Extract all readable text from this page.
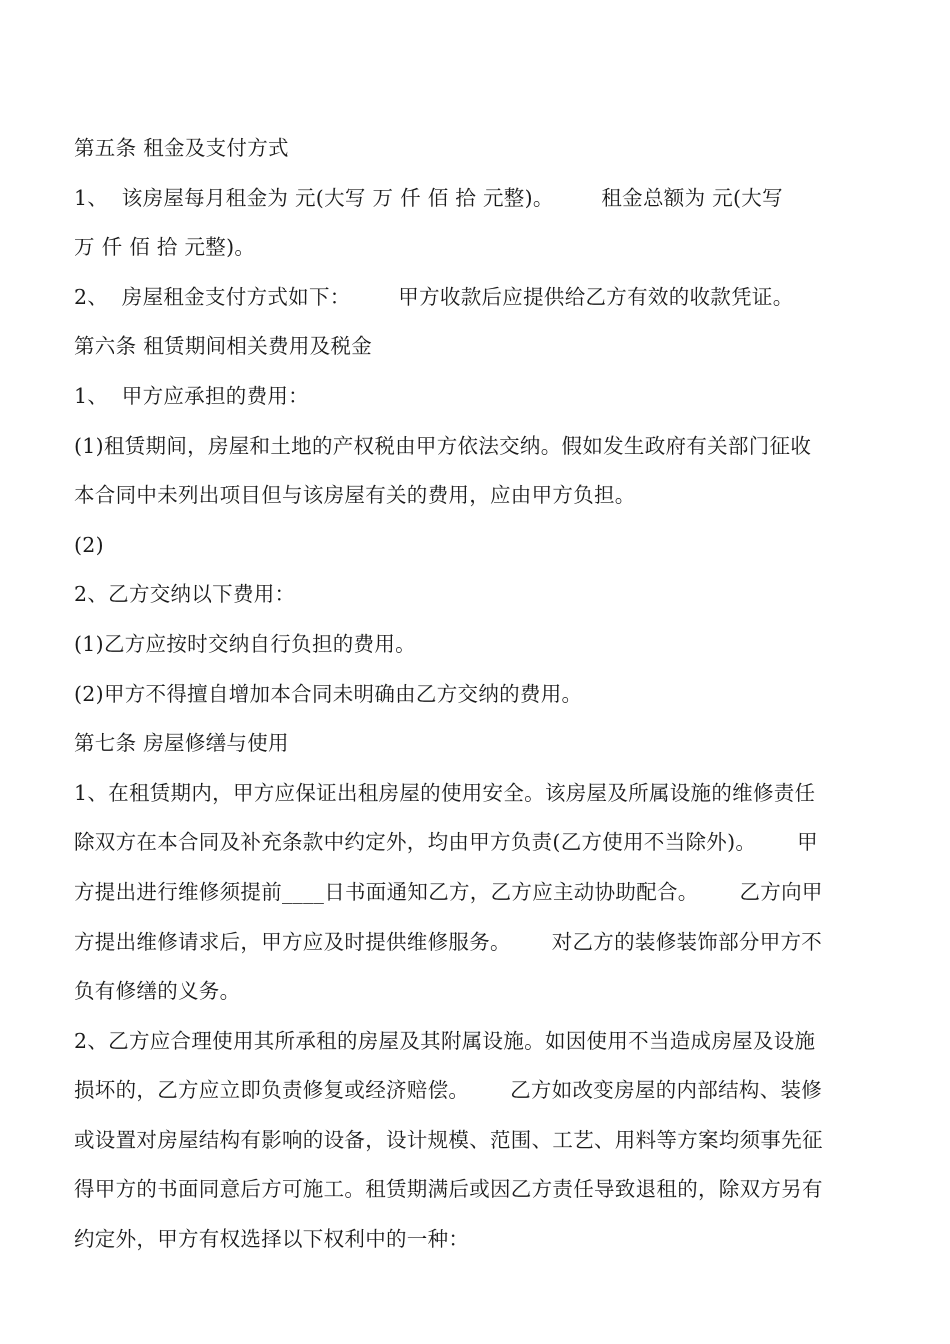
第五条 租金及支付方式
1、  该房屋每月租金为 元(大写 万 仟 佰 拾 元整)。       租金总额为 元(大写
万 仟 佰 拾 元整)。
2、  房屋租金支付方式如下：       甲方收款后应提供给乙方有效的收款凭证。
第六条 租赁期间相关费用及税金
1、  甲方应承担的费用：
(1)租赁期间，房屋和土地的产权税由甲方依法交纳。假如发生政府有关部门征收
本合同中未列出项目但与该房屋有关的费用，应由甲方负担。
(2)
2、乙方交纳以下费用：
(1)乙方应按时交纳自行负担的费用。
(2)甲方不得擅自增加本合同未明确由乙方交纳的费用。
第七条 房屋修缮与使用
1、在租赁期内，甲方应保证出租房屋的使用安全。该房屋及所属设施的维修责任
除双方在本合同及补充条款中约定外，均由甲方负责(乙方使用不当除外)。      甲
方提出进行维修须提前____日书面通知乙方，乙方应主动协助配合。      乙方向甲
方提出维修请求后，甲方应及时提供维修服务。      对乙方的装修装饰部分甲方不
负有修缮的义务。
2、乙方应合理使用其所承租的房屋及其附属设施。如因使用不当造成房屋及设施
损坏的，乙方应立即负责修复或经济赔偿。      乙方如改变房屋的内部结构、装修
或设置对房屋结构有影响的设备，设计规模、范围、工艺、用料等方案均须事先征
得甲方的书面同意后方可施工。租赁期满后或因乙方责任导致退租的，除双方另有
约定外，甲方有权选择以下权利中的一种：
